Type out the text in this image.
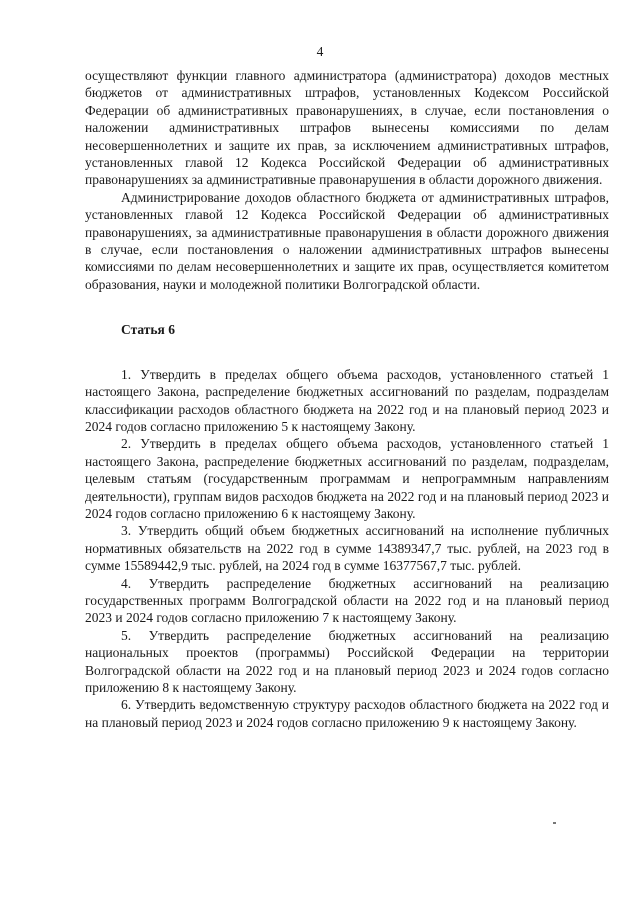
4

осуществляют функции главного администратора (администратора) доходов местных бюджетов от административных штрафов, установленных Кодексом Российской Федерации об административных правонарушениях, в случае, если постановления о наложении административных штрафов вынесены комиссиями по делам несовершеннолетних и защите их прав, за исключением административных штрафов, установленных главой 12 Кодекса Российской Федерации об административных правонарушениях за административные правонарушения в области дорожного движения.

Администрирование доходов областного бюджета от административных штрафов, установленных главой 12 Кодекса Российской Федерации об административных правонарушениях, за административные правонарушения в области дорожного движения в случае, если постановления о наложении административных штрафов вынесены комиссиями по делам несовершеннолетних и защите их прав, осуществляется комитетом образования, науки и молодежной политики Волгоградской области.

Статья 6

1. Утвердить в пределах общего объема расходов, установленного статьей 1 настоящего Закона, распределение бюджетных ассигнований по разделам, подразделам классификации расходов областного бюджета на 2022 год и на плановый период 2023 и 2024 годов согласно приложению 5 к настоящему Закону.

2. Утвердить в пределах общего объема расходов, установленного статьей 1 настоящего Закона, распределение бюджетных ассигнований по разделам, подразделам, целевым статьям (государственным программам и непрограммным направлениям деятельности), группам видов расходов бюджета на 2022 год и на плановый период 2023 и 2024 годов согласно приложению 6 к настоящему Закону.

3. Утвердить общий объем бюджетных ассигнований на исполнение публичных нормативных обязательств на 2022 год в сумме 14389347,7 тыс. рублей, на 2023 год в сумме 15589442,9 тыс. рублей, на 2024 год в сумме 16377567,7 тыс. рублей.

4. Утвердить распределение бюджетных ассигнований на реализацию государственных программ Волгоградской области на 2022 год и на плановый период 2023 и 2024 годов согласно приложению 7 к настоящему Закону.

5. Утвердить распределение бюджетных ассигнований на реализацию национальных проектов (программы) Российской Федерации на территории Волгоградской области на 2022 год и на плановый период 2023 и 2024 годов согласно приложению 8 к настоящему Закону.

6. Утвердить ведомственную структуру расходов областного бюджета на 2022 год и на плановый период 2023 и 2024 годов согласно приложению 9 к настоящему Закону.
